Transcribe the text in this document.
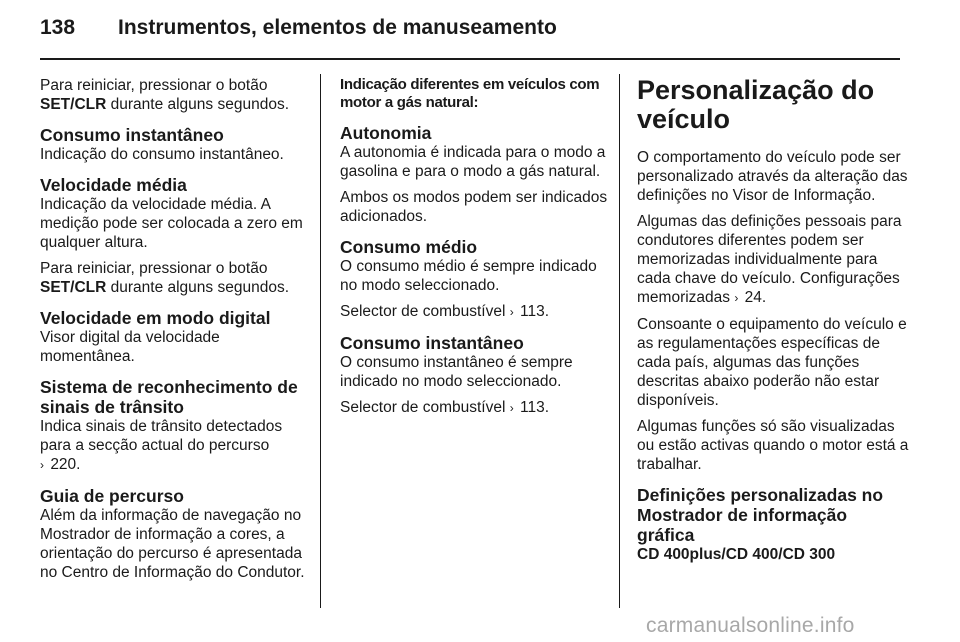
138 Instrumentos, elementos de manuseamento

Para reiniciar, pressionar o botão SET/CLR durante alguns segundos.

Consumo instantâneo

Indicação do consumo instantâneo.

Velocidade média

Indicação da velocidade média. A medição pode ser colocada a zero em qualquer altura.

Para reiniciar, pressionar o botão SET/CLR durante alguns segundos.

Velocidade em modo digital

Visor digital da velocidade momentânea.

Sistema de reconhecimento de sinais de trânsito

Indica sinais de trânsito detectados para a secção actual do percurso
› 220.

Guia de percurso

Além da informação de navegação no Mostrador de informação a cores, a orientação do percurso é apresentada no Centro de Informação do Condutor.

Indicação diferentes em veículos com motor a gás natural:
Autonomia

A autonomia é indicada para o modo a gasolina e para o modo a gás natural.

Ambos os modos podem ser indicados adicionados.

Consumo médio

O consumo médio é sempre indicado no modo seleccionado.

Selector de combustível › 113.

Consumo instantâneo

O consumo instantâneo é sempre indicado no modo seleccionado.

Selector de combustível › 113.

Personalização do veículo

O comportamento do veículo pode ser personalizado através da alteração das definições no Visor de Informação.

Algumas das definições pessoais para condutores diferentes podem ser memorizadas individualmente para cada chave do veículo. Configurações memorizadas › 24.

Consoante o equipamento do veículo e as regulamentações específicas de cada país, algumas das funções descritas abaixo poderão não estar disponíveis.

Algumas funções só são visualizadas ou estão activas quando o motor está a trabalhar.

Definições personalizadas no Mostrador de informação gráfica
CD 400plus/CD 400/CD 300
carmanualsonline.info
